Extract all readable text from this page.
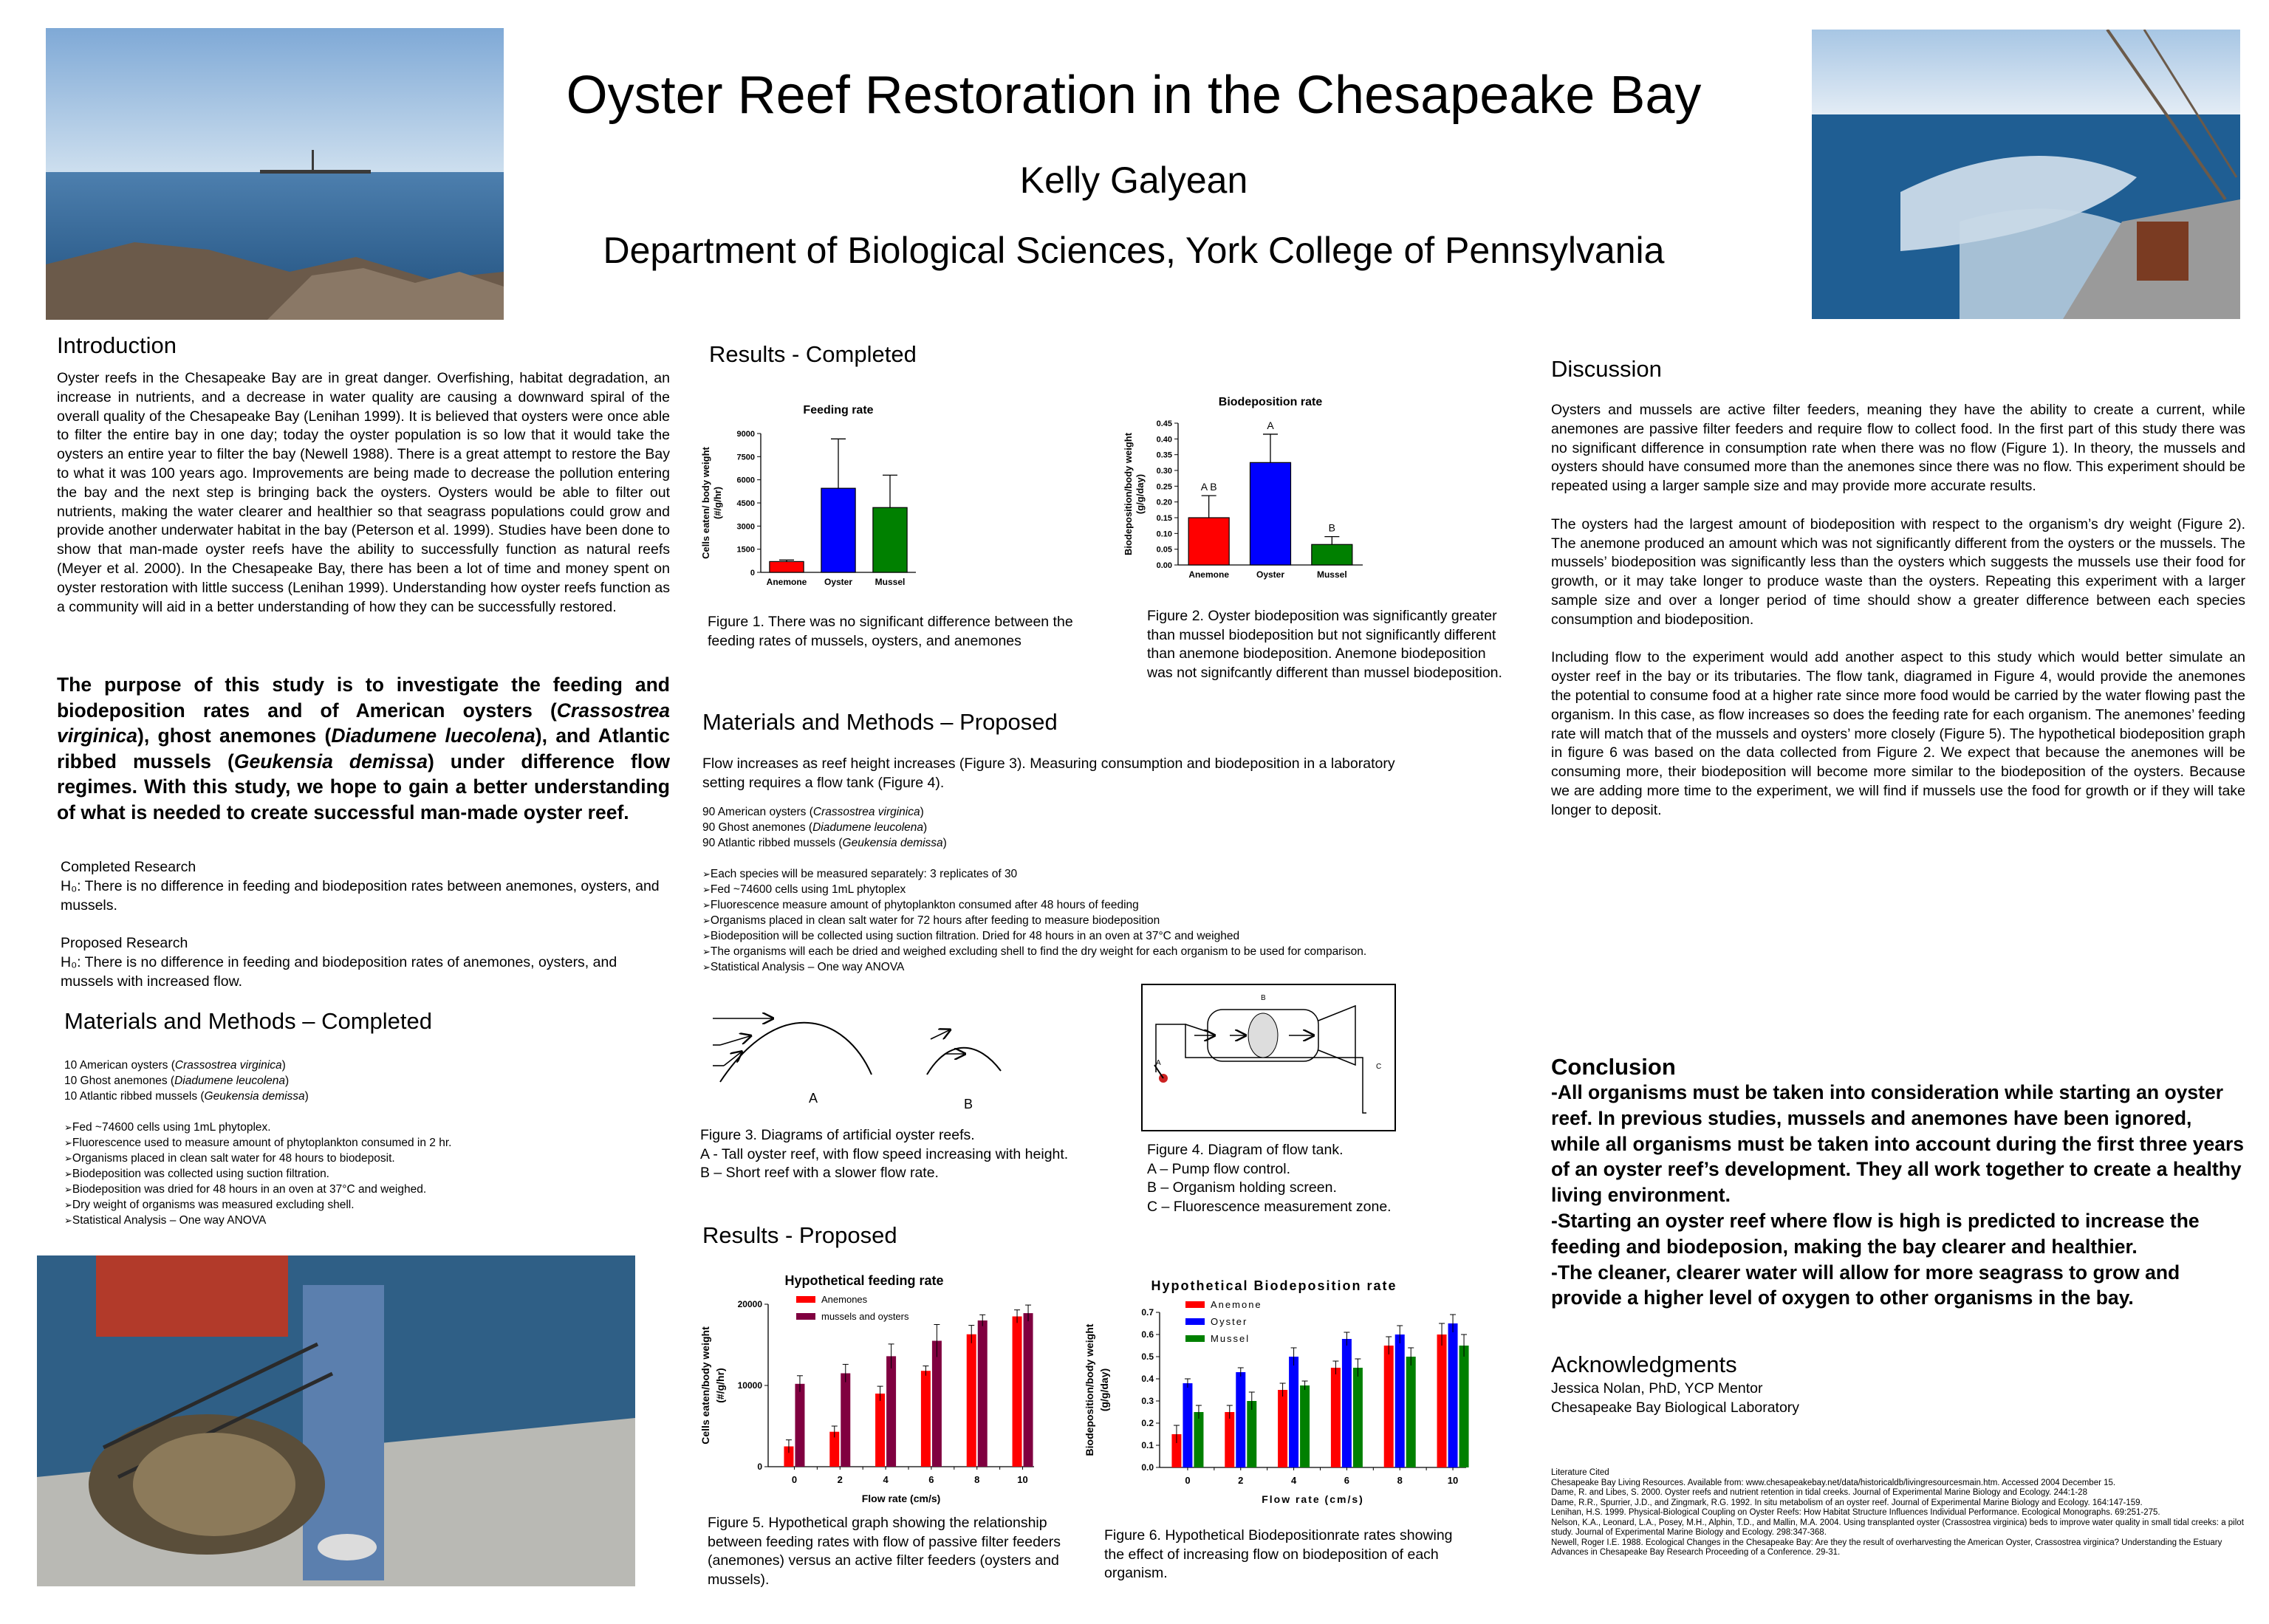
Oyster Reef Restoration in the Chesapeake Bay
Kelly Galyean
Department of Biological Sciences, York College of Pennsylvania
Introduction
Oyster reefs in the Chesapeake Bay are in great danger. Overfishing, habitat degradation, an increase in nutrients, and a decrease in water quality are causing a downward spiral of the overall quality of the Chesapeake Bay (Lenihan 1999). It is believed that oysters were once able to filter the entire bay in one day; today the oyster population is so low that it would take the oysters an entire year to filter the bay (Newell 1988). There is a great attempt to restore the Bay to what it was 100 years ago. Improvements are being made to decrease the pollution entering the bay and the next step is bringing back the oysters. Oysters would be able to filter out nutrients, making the water clearer and healthier so that seagrass populations could grow and provide another underwater habitat in the bay (Peterson et al. 1999). Studies have been done to show that man-made oyster reefs have the ability to successfully function as natural reefs (Meyer et al. 2000). In the Chesapeake Bay, there has been a lot of time and money spent on oyster restoration with little success (Lenihan 1999). Understanding how oyster reefs function as a community will aid in a better understanding of how they can be successfully restored.
The purpose of this study is to investigate the feeding and biodeposition rates and of American oysters (Crassostrea virginica), ghost anemones (Diadumene luecolena), and Atlantic ribbed mussels (Geukensia demissa) under difference flow regimes. With this study, we hope to gain a better understanding of what is needed to create successful man-made oyster reef.
Completed Research
H₀: There is no difference in feeding and biodeposition rates between anemones, oysters, and mussels.
Proposed Research
H₀: There is no difference in feeding and biodeposition rates of anemones, oysters, and mussels with increased flow.
Materials and Methods – Completed
10 American oysters (Crassostrea virginica)
10 Ghost anemones (Diadumene leucolena)
10 Atlantic ribbed mussels (Geukensia demissa)
➢ Fed ~74600 cells using 1mL phytoplex.
➢ Fluorescence used to measure amount of phytoplankton consumed in 2 hr.
➢ Organisms placed in clean salt water for 48 hours to biodeposit.
➢ Biodeposition was collected using suction filtration.
➢ Biodeposition was dried for 48 hours in an oven at 37°C and weighed.
➢ Dry weight of organisms was measured excluding shell.
➢ Statistical Analysis – One way ANOVA
Results - Completed
Feeding rate
0
1500
3000
4500
6000
7500
9000
Anemone Oyster	Mussel
Cells eaten/ body weight (#/g/hr)
Biodeposition rate
0.00
0.05
0.10
0.15
0.20
0.25
0.30
0.35
0.40
0.45
Anemone
A B
Oyster
A
Mussel
B
Biodeposition/body weight (g/g/day)
Figure 1. There was no significant difference between the feeding rates of mussels, oysters, and anemones
Figure 2. Oyster biodeposition was significantly greater than mussel biodeposition but not significantly different than anemone biodeposition. Anemone biodeposition was not signifcantly different than mussel biodeposition.
Materials and Methods – Proposed
Flow increases as reef height increases (Figure 3). Measuring consumption and biodeposition in a laboratory setting requires a flow tank (Figure 4).
90 American oysters (Crassostrea virginica)
90 Ghost anemones (Diadumene leucolena)
90 Atlantic ribbed mussels (Geukensia demissa)
➢ Each species will be measured separately: 3 replicates of 30
➢ Fed ~74600 cells using 1mL phytoplex
➢ Fluorescence measure amount of phytoplankton consumed after 48 hours of feeding
➢ Organisms placed in clean salt water for 72 hours after feeding to measure biodeposition
➢ Biodeposition will be collected using suction filtration. Dried for 48 hours in an oven at 37°C and weighed
➢ The organisms will each be dried and weighed excluding shell to find the dry weight for each organism to be used for comparison.
➢ Statistical Analysis – One way ANOVA
A	B
Figure 3. Diagrams of artificial oyster reefs.
A - Tall oyster reef, with flow speed increasing with height.
B – Short reef with a slower flow rate.
A
B
C
Figure 4. Diagram of flow tank.
A – Pump flow control.
B – Organism holding screen.
C – Fluorescence measurement zone.
Results - Proposed
Hypothetical feeding rate
0
10000
20000
0	2	4	6	8	10
Flow rate (cm/s)
Anemones
mussels and oysters
Cells eaten/body weight (#/g/hr)
Hypothetical Biodeposition rate
0.0
0.1
0.2
0.3
0.4
0.5
0.6
0.7
0	2	4	6	8	10
Flow rate (cm/s)
Anemone
Oyster
Mussel
Biodeposition/body weight (g/g/day)
Figure 5. Hypothetical graph showing the relationship between feeding rates with flow of passive filter feeders (anemones) versus an active filter feeders (oysters and mussels).
Figure 6. Hypothetical Biodepositionrate rates showing the effect of increasing flow on biodeposition of each organism.
Discussion

Oysters and mussels are active filter feeders, meaning they have the ability to create a current, while anemones are passive filter feeders and require flow to collect food. In the first part of this study there was no significant difference in consumption rate when there was no flow (Figure 1). In theory, the mussels and oysters should have consumed more than the anemones since there was no flow. This experiment should be repeated using a larger sample size and may provide more accurate results.

The oysters had the largest amount of biodeposition with respect to the organism’s dry weight (Figure 2). The anemone produced an amount which was not significantly different from the oysters or the mussels. The mussels’ biodeposition was significantly less than the oysters which suggests the mussels use their food for growth, or it may take longer to produce waste than the oysters. Repeating this experiment with a larger sample size and over a longer period of time should show a greater difference between each species consumption and biodeposition.

Including flow to the experiment would add another aspect to this study which would better simulate an oyster reef in the bay or its tributaries. The flow tank, diagramed in Figure 4, would provide the anemones the potential to consume food at a higher rate since more food would be carried by the water flowing past the organism. In this case, as flow increases so does the feeding rate for each organism. The anemones’ feeding rate will match that of the mussels and oysters’ more closely (Figure 5). The hypothetical biodeposition graph in figure 6 was based on the data collected from Figure 2. We expect that because the anemones will be consuming more, their biodeposition will become more similar to the biodeposition of the oysters. Because we are adding more time to the experiment, we will find if mussels use the food for growth or if they will take longer to deposit.

Conclusion
-All organisms must be taken into consideration while starting an oyster reef. In previous studies, mussels and anemones have been ignored, while all organisms must be taken into account during the first three years of an oyster reef’s development. They all work together to create a healthy living environment.
-Starting an oyster reef where flow is high is predicted to increase the feeding and biodeposion, making the bay clearer and healthier.
-The cleaner, clearer water will allow for more seagrass to grow and provide a higher level of oxygen to other organisms in the bay.
Acknowledgments
Jessica Nolan, PhD, YCP Mentor
Chesapeake Bay Biological Laboratory
Literature Cited
Chesapeake Bay Living Resources. Available from: www.chesapeakebay.net/data/historicaldb/livingresourcesmain.htm. Accessed 2004 December 15.
Dame, R. and Libes, S. 2000. Oyster reefs and nutrient retention in tidal creeks. Journal of Experimental Marine Biology and Ecology. 244:1-28
Dame, R.R., Spurrier, J.D., and Zingmark, R.G. 1992. In situ metabolism of an oyster reef. Journal of Experimental Marine Biology and Ecology. 164:147-159.
Lenihan, H.S. 1999. Physical-Biological Coupling on Oyster Reefs: How Habitat Structure Influences Individual Performance. Ecological Monographs. 69:251-275.
Nelson, K.A., Leonard, L.A., Posey, M.H., Alphin, T.D., and Mallin, M.A. 2004. Using transplanted oyster (Crassostrea virginica) beds to improve water quality in small tidal creeks: a pilot study. Journal of Experimental Marine Biology and Ecology. 298:347-368.
Newell, Roger I.E. 1988. Ecological Changes in the Chesapeake Bay: Are they the result of overharvesting the American Oyster, Crassostrea virginica? Understanding the Estuary Advances in Chesapeake Bay Research Proceeding of a Conference. 29-31.
